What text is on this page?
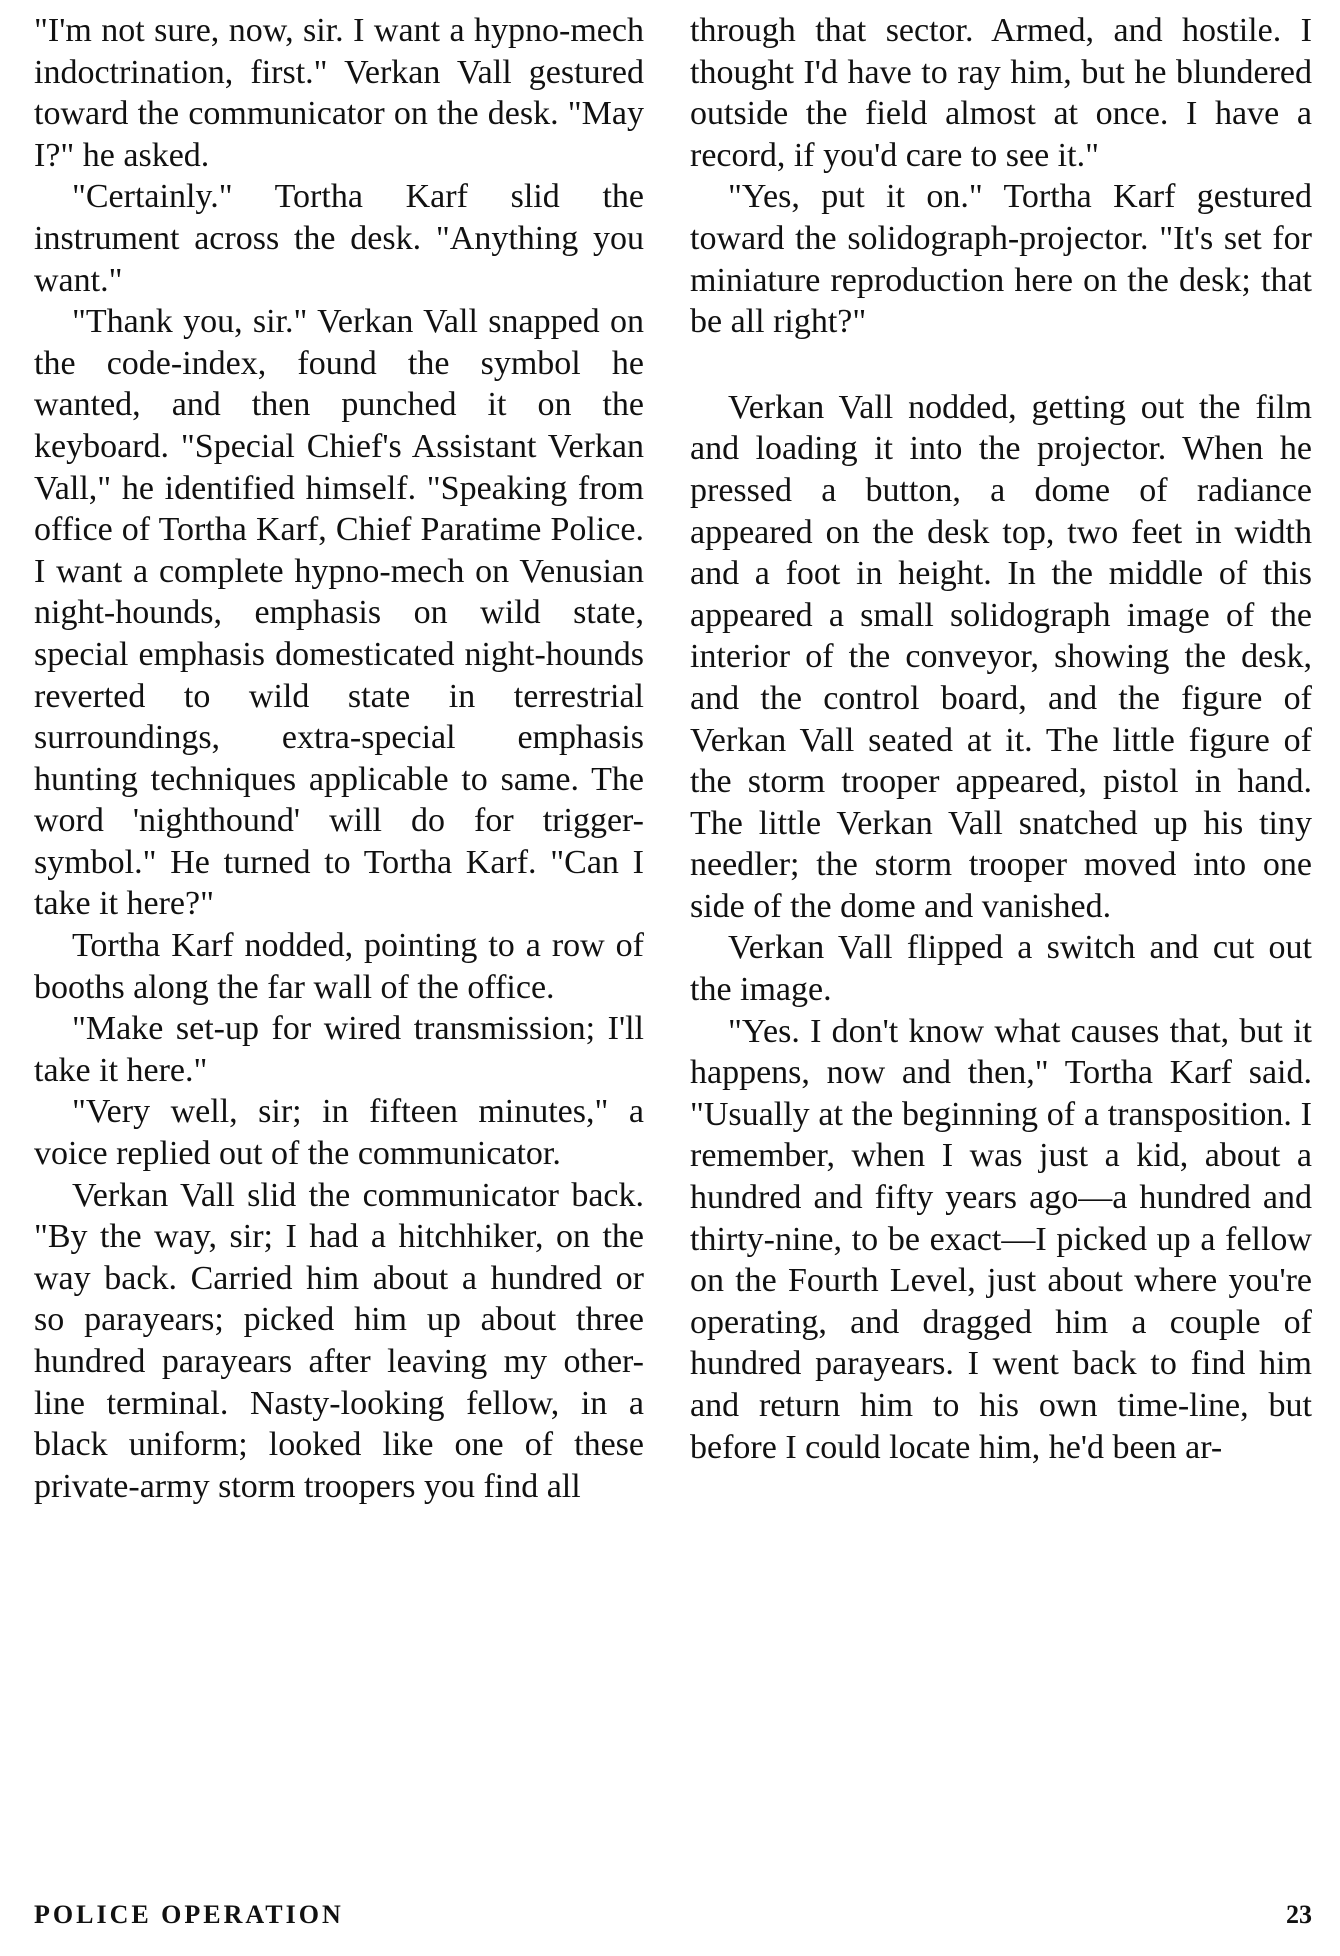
"I'm not sure, now, sir. I want a hypno-mech indoctrination, first." Verkan Vall gestured toward the communicator on the desk. "May I?" he asked.

"Certainly." Tortha Karf slid the instrument across the desk. "Anything you want."

"Thank you, sir." Verkan Vall snapped on the code-index, found the symbol he wanted, and then punched it on the keyboard. "Special Chief's Assistant Verkan Vall," he identified himself. "Speaking from office of Tortha Karf, Chief Paratime Police. I want a complete hypno-mech on Venusian night-hounds, emphasis on wild state, special emphasis domesticated night-hounds reverted to wild state in terrestrial surroundings, extra-special emphasis hunting techniques applicable to same. The word 'nighthound' will do for trigger-symbol." He turned to Tortha Karf. "Can I take it here?"

Tortha Karf nodded, pointing to a row of booths along the far wall of the office.

"Make set-up for wired transmission; I'll take it here."

"Very well, sir; in fifteen minutes," a voice replied out of the communicator.

Verkan Vall slid the communicator back. "By the way, sir; I had a hitchhiker, on the way back. Carried him about a hundred or so parayears; picked him up about three hundred parayears after leaving my other-line terminal. Nasty-looking fellow, in a black uniform; looked like one of these private-army storm troopers you find all

through that sector. Armed, and hostile. I thought I'd have to ray him, but he blundered outside the field almost at once. I have a record, if you'd care to see it."

"Yes, put it on." Tortha Karf gestured toward the solidograph-projector. "It's set for miniature reproduction here on the desk; that be all right?"

Verkan Vall nodded, getting out the film and loading it into the projector. When he pressed a button, a dome of radiance appeared on the desk top, two feet in width and a foot in height. In the middle of this appeared a small solidograph image of the interior of the conveyor, showing the desk, and the control board, and the figure of Verkan Vall seated at it. The little figure of the storm trooper appeared, pistol in hand. The little Verkan Vall snatched up his tiny needler; the storm trooper moved into one side of the dome and vanished.

Verkan Vall flipped a switch and cut out the image.

"Yes. I don't know what causes that, but it happens, now and then," Tortha Karf said. "Usually at the beginning of a transposition. I remember, when I was just a kid, about a hundred and fifty years ago—a hundred and thirty-nine, to be exact—I picked up a fellow on the Fourth Level, just about where you're operating, and dragged him a couple of hundred parayears. I went back to find him and return him to his own time-line, but before I could locate him, he'd been ar-

POLICE OPERATION	23
